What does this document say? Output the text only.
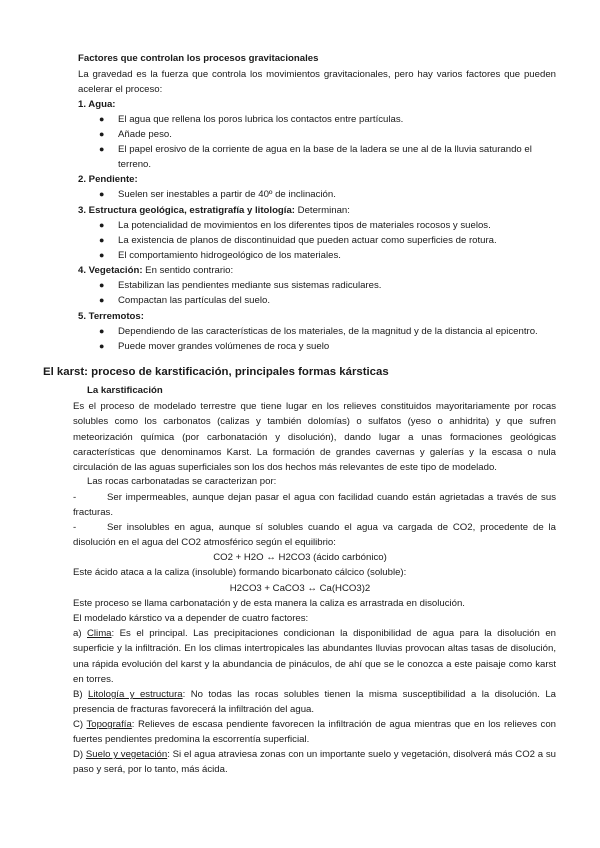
Factores que controlan los procesos gravitacionales
La gravedad es la fuerza que controla los movimientos gravitacionales, pero hay varios factores que pueden acelerar el proceso:
1. Agua:
● El agua que rellena los poros lubrica los contactos entre partículas.
● Añade peso.
● El papel erosivo de la corriente de agua en la base de la ladera se une al de la lluvia saturando el
terreno.
2. Pendiente:
● Suelen ser inestables a partir de 40º de inclinación.
3. Estructura geológica, estratigrafía y litología: Determinan:
● La potencialidad de movimientos en los diferentes tipos de materiales rocosos y suelos.
● La existencia de planos de discontinuidad que pueden actuar como superficies de rotura.
● El comportamiento hidrogeológico de los materiales.
4. Vegetación: En sentido contrario:
● Estabilizan las pendientes mediante sus sistemas radiculares.
● Compactan las partículas del suelo.
5. Terremotos:
● Dependiendo de las características de los materiales, de la magnitud y de la distancia al epicentro.
● Puede mover grandes volúmenes de roca y suelo
El karst: proceso de karstificación, principales formas kársticas
La karstificación
Es el proceso de modelado terrestre que tiene lugar en los relieves constituidos mayoritariamente por rocas solubles como los carbonatos (calizas y también dolomías) o sulfatos (yeso o anhidrita) y que sufren meteorización química (por carbonatación y disolución), dando lugar a unas formaciones geológicas características que denominamos Karst. La formación de grandes cavernas y galerías y la escasa o nula circulación de las aguas superficiales son los dos hechos más relevantes de este tipo de modelado.
Las rocas carbonatadas se caracterizan por:
-	Ser impermeables, aunque dejan pasar el agua con facilidad cuando están agrietadas a través de sus fracturas.
-	Ser insolubles en agua, aunque sí solubles cuando el agua va cargada de CO2, procedente de la disolución en el agua del CO2 atmosférico según el equilibrio:
CO2 + H2O ↔ H2CO3 (ácido carbónico)
Este ácido ataca a la caliza (insoluble) formando bicarbonato cálcico (soluble):
H2CO3 + CaCO3 ↔ Ca(HCO3)2
Este proceso se llama carbonatación y de esta manera la caliza es arrastrada en disolución.
El modelado kárstico va a depender de cuatro factores:
a) Clima: Es el principal. Las precipitaciones condicionan la disponibilidad de agua para la disolución en superficie y la infiltración. En los climas intertropicales las abundantes lluvias provocan altas tasas de disolución, una rápida evolución del karst y la abundancia de pináculos, de ahí que se le conozca a este paisaje como karst en torres.
B) Litología y estructura: No todas las rocas solubles tienen la misma susceptibilidad a la disolución. La presencia de fracturas favorecerá la infiltración del agua.
C) Topografía: Relieves de escasa pendiente favorecen la infiltración de agua mientras que en los relieves con fuertes pendientes predomina la escorrentía superficial.
D) Suelo y vegetación: Si el agua atraviesa zonas con un importante suelo y vegetación, disolverá más CO2 a su paso y será, por lo tanto, más ácida.
